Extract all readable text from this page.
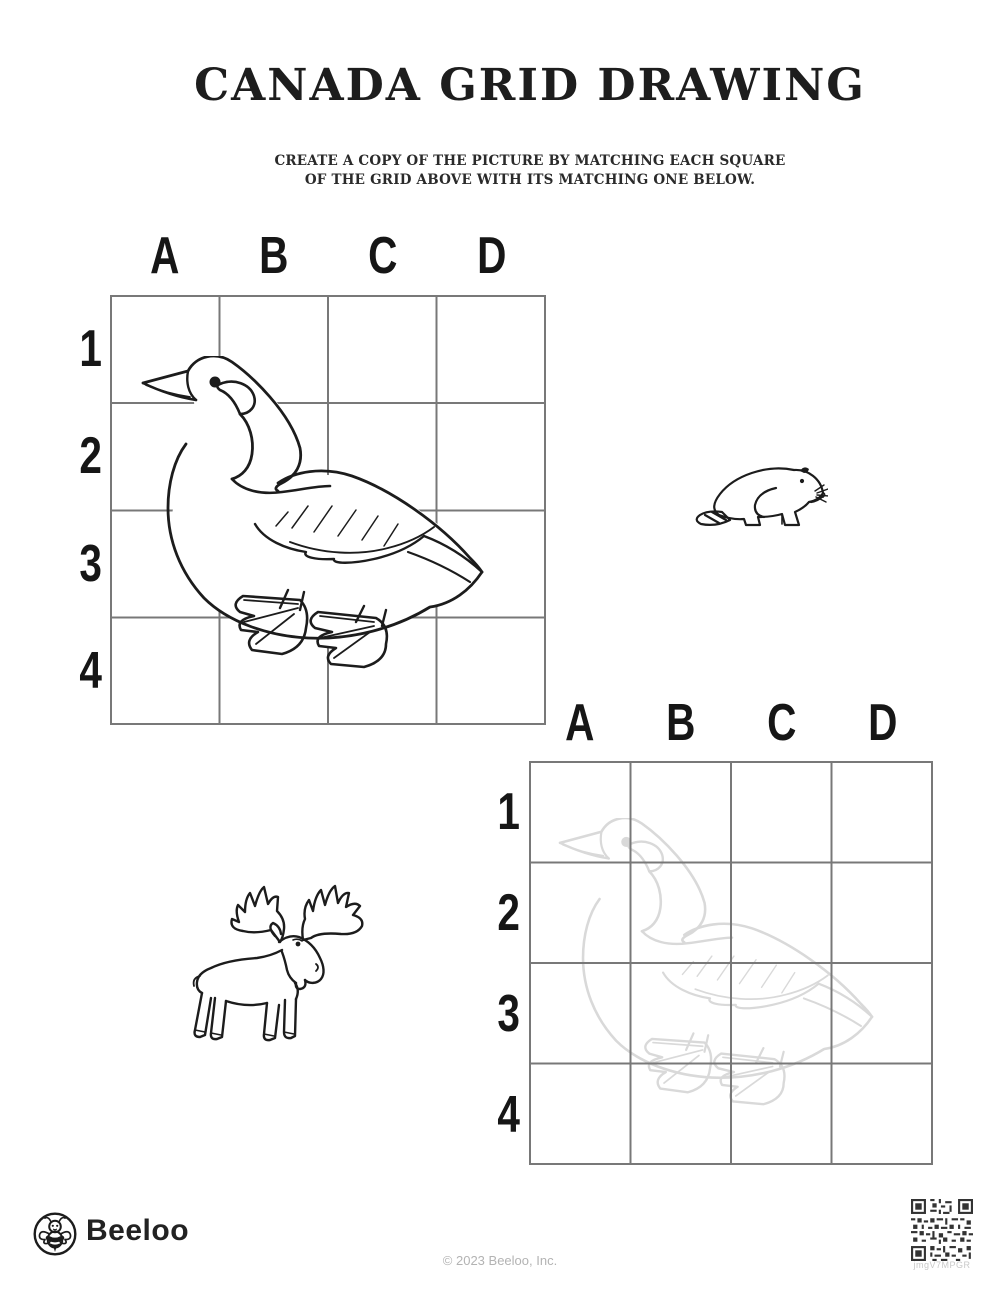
CANADA GRID DRAWING

CREATE A COPY OF THE PICTURE BY MATCHING EACH SQUARE

OF THE GRID ABOVE WITH ITS MATCHING ONE BELOW.

A B C D
1
2
3
4
A B C D
1
2
3
4
Beeloo

© 2023 Beeloo, Inc.	jmgV7MPGR
